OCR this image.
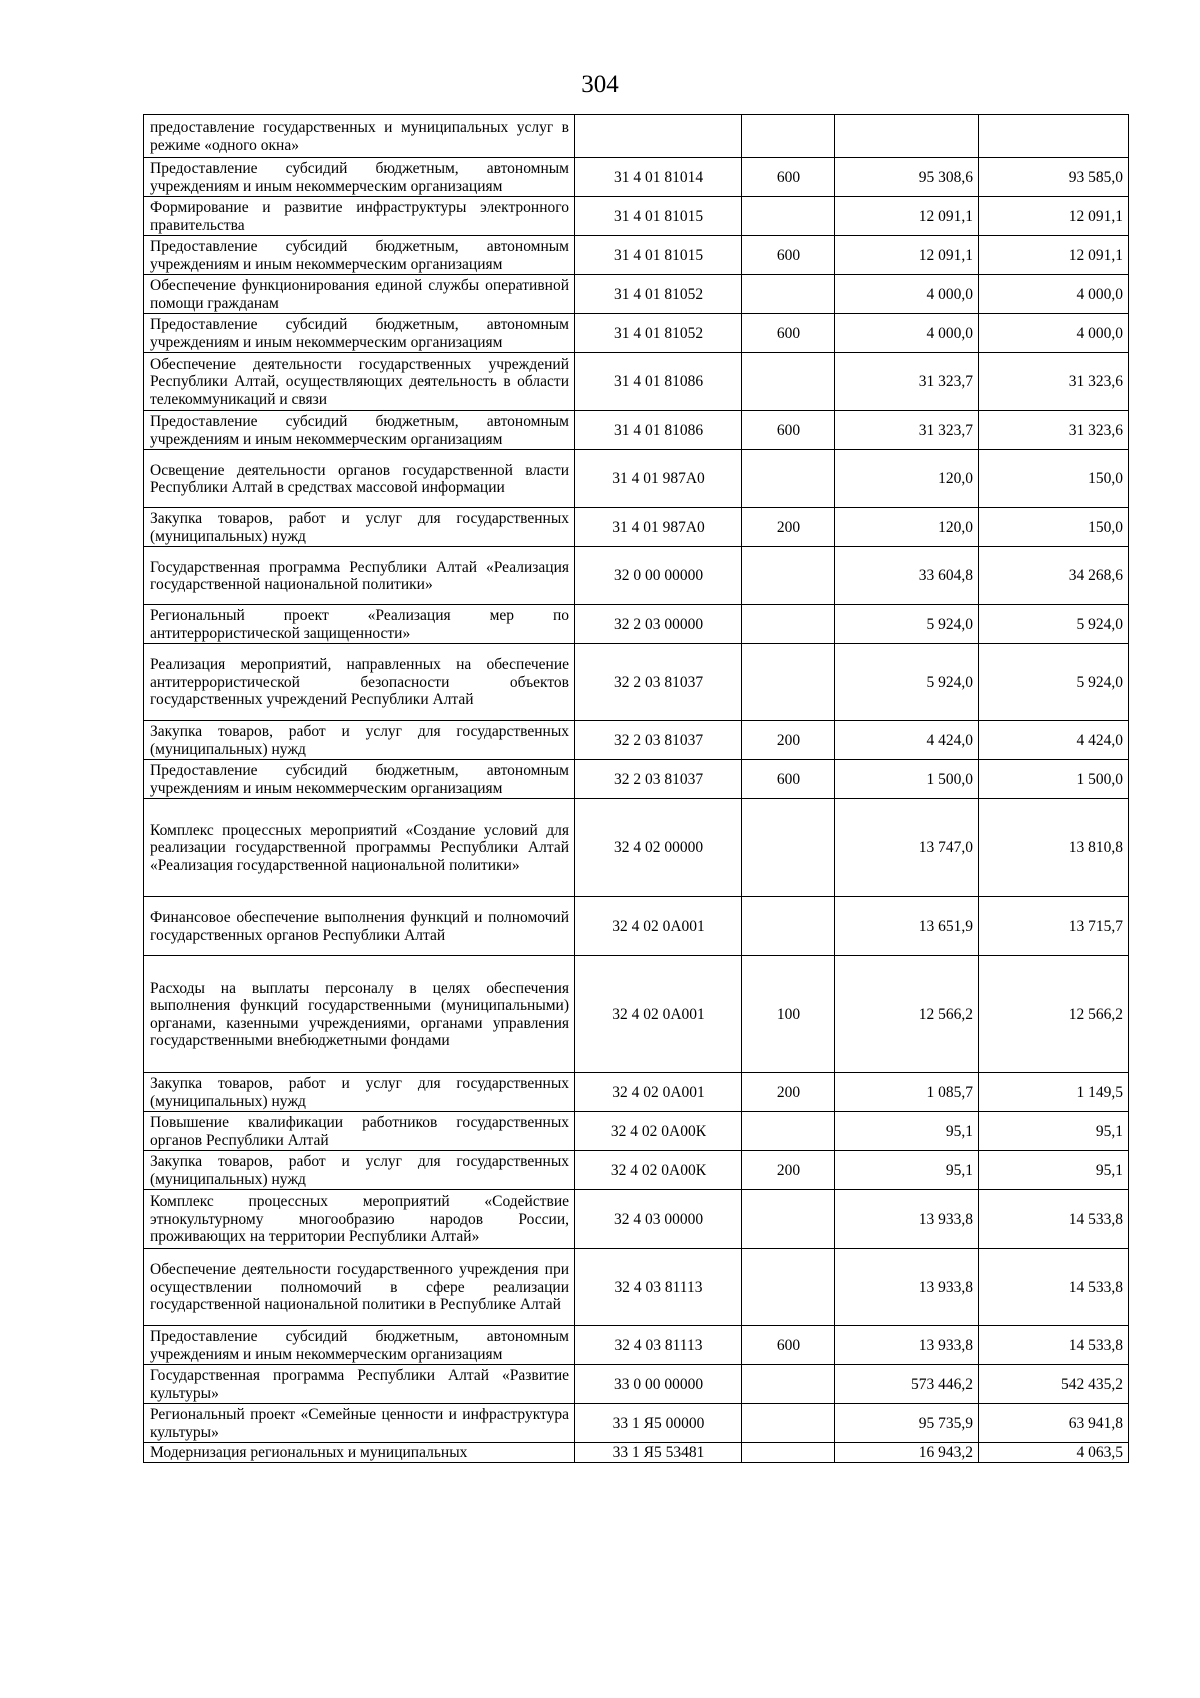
304
предоставление государственных и муниципальных услуг в режиме «одного окна»				
Предоставление субсидий бюджетным, автономным учреждениям и иным некоммерческим организациям	31 4 01 81014	600	95 308,6	93 585,0
Формирование и развитие инфраструктуры электронного правительства	31 4 01 81015		12 091,1	12 091,1
Предоставление субсидий бюджетным, автономным учреждениям и иным некоммерческим организациям	31 4 01 81015	600	12 091,1	12 091,1
Обеспечение функционирования единой службы оперативной помощи гражданам	31 4 01 81052		4 000,0	4 000,0
Предоставление субсидий бюджетным, автономным учреждениям и иным некоммерческим организациям	31 4 01 81052	600	4 000,0	4 000,0
Обеспечение деятельности государственных учреждений Республики Алтай, осуществляющих деятельность в области телекоммуникаций и связи	31 4 01 81086		31 323,7	31 323,6
Предоставление субсидий бюджетным, автономным учреждениям и иным некоммерческим организациям	31 4 01 81086	600	31 323,7	31 323,6
Освещение деятельности органов государственной власти Республики Алтай в средствах массовой информации	31 4 01 987А0		120,0	150,0
Закупка товаров, работ и услуг для государственных (муниципальных) нужд	31 4 01 987А0	200	120,0	150,0
Государственная программа Республики Алтай «Реализация государственной национальной политики»	32 0 00 00000		33 604,8	34 268,6
Региональный проект «Реализация мер по антитеррористической защищенности»	32 2 03 00000		5 924,0	5 924,0
Реализация мероприятий, направленных на обеспечение антитеррористической безопасности объектов государственных учреждений Республики Алтай	32 2 03 81037		5 924,0	5 924,0
Закупка товаров, работ и услуг для государственных (муниципальных) нужд	32 2 03 81037	200	4 424,0	4 424,0
Предоставление субсидий бюджетным, автономным учреждениям и иным некоммерческим организациям	32 2 03 81037	600	1 500,0	1 500,0
Комплекс процессных мероприятий «Создание условий для реализации государственной программы Республики Алтай «Реализация государственной национальной политики»	32 4 02 00000		13 747,0	13 810,8
Финансовое обеспечение выполнения функций и полномочий государственных органов Республики Алтай	32 4 02 0А001		13 651,9	13 715,7
Расходы на выплаты персоналу в целях обеспечения выполнения функций государственными (муниципальными) органами, казенными учреждениями, органами управления государственными внебюджетными фондами	32 4 02 0А001	100	12 566,2	12 566,2
Закупка товаров, работ и услуг для государственных (муниципальных) нужд	32 4 02 0А001	200	1 085,7	1 149,5
Повышение квалификации работников государственных органов Республики Алтай	32 4 02 0А00К		95,1	95,1
Закупка товаров, работ и услуг для государственных (муниципальных) нужд	32 4 02 0А00К	200	95,1	95,1
Комплекс процессных мероприятий «Содействие этнокультурному многообразию народов России, проживающих на территории Республики Алтай»	32 4 03 00000		13 933,8	14 533,8
Обеспечение деятельности государственного учреждения при осуществлении полномочий в сфере реализации государственной национальной политики в Республике Алтай	32 4 03 81113		13 933,8	14 533,8
Предоставление субсидий бюджетным, автономным учреждениям и иным некоммерческим организациям	32 4 03 81113	600	13 933,8	14 533,8
Государственная программа Республики Алтай «Развитие культуры»	33 0 00 00000		573 446,2	542 435,2
Региональный проект «Семейные ценности и инфраструктура культуры»	33 1 Я5 00000		95 735,9	63 941,8
Модернизация региональных и муниципальных	33 1 Я5 53481		16 943,2	4 063,5
